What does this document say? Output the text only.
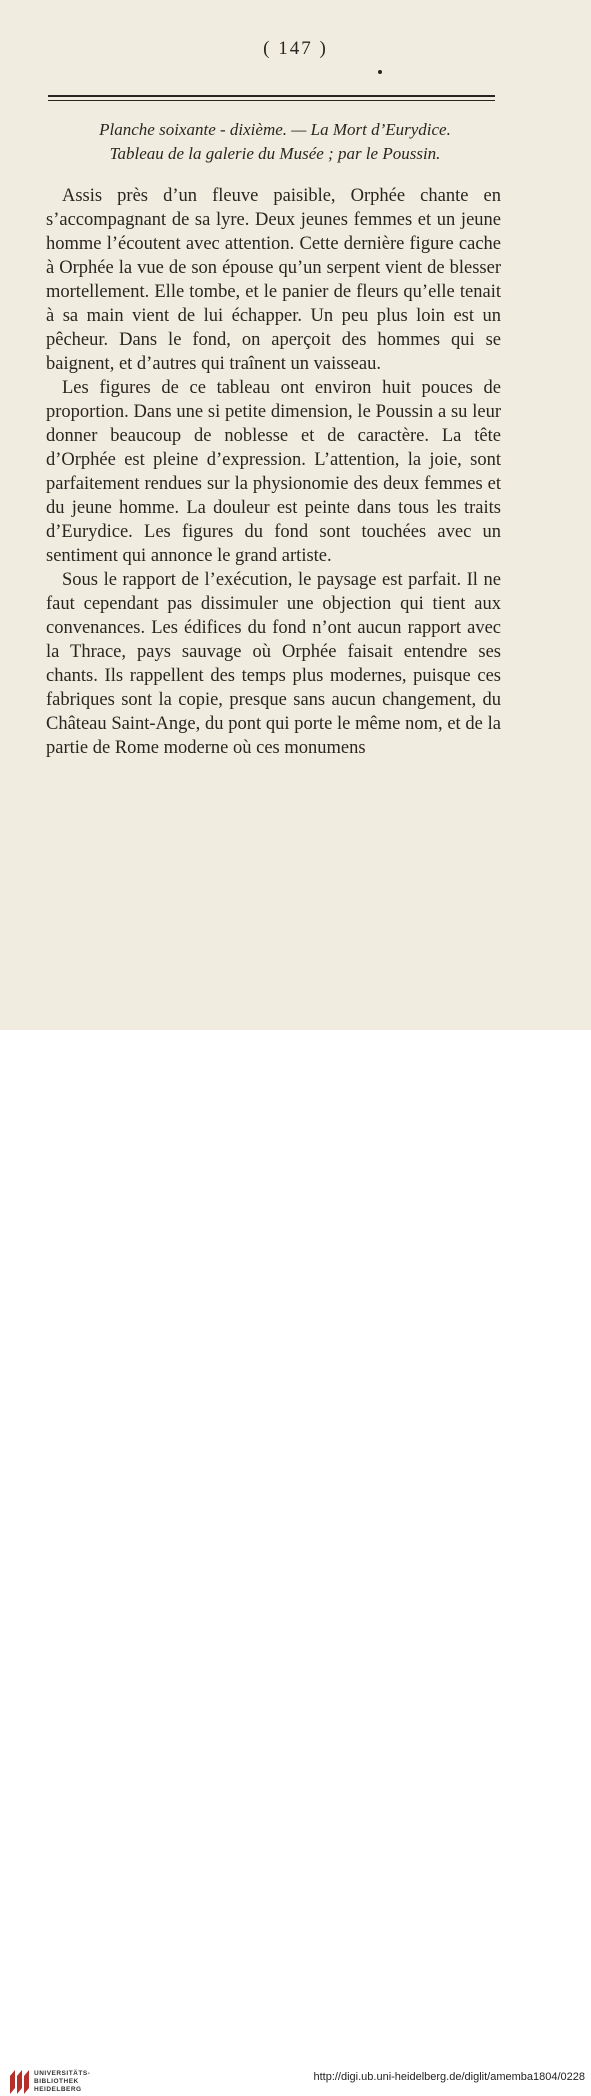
( 147 )
Planche soixante - dixième. — La Mort d’Eurydice.
Tableau de la galerie du Musée ; par le Poussin.

Assis près d’un fleuve paisible, Orphée chante en s’accompagnant de sa lyre. Deux jeunes femmes et un jeune homme l’écoutent avec attention. Cette dernière figure cache à Orphée la vue de son épouse qu’un serpent vient de blesser mortellement. Elle tombe, et le panier de fleurs qu’elle tenait à sa main vient de lui échapper. Un peu plus loin est un pêcheur. Dans le fond, on aperçoit des hommes qui se baignent, et d’autres qui traînent un vaisseau.

Les figures de ce tableau ont environ huit pouces de proportion. Dans une si petite dimension, le Poussin a su leur donner beaucoup de noblesse et de caractère. La tête d’Orphée est pleine d’expression. L’attention, la joie, sont parfaitement rendues sur la physionomie des deux femmes et du jeune homme. La douleur est peinte dans tous les traits d’Eurydice. Les figures du fond sont touchées avec un sentiment qui annonce le grand artiste.

Sous le rapport de l’exécution, le paysage est parfait. Il ne faut cependant pas dissimuler une objection qui tient aux convenances. Les édifices du fond n’ont aucun rapport avec la Thrace, pays sauvage où Orphée faisait entendre ses chants. Ils rappellent des temps plus modernes, puisque ces fabriques sont la copie, presque sans aucun changement, du Château Saint-Ange, du pont qui porte le même nom, et de la partie de Rome moderne où ces monumens

UNIVERSITÄTS-
BIBLIOTHEK
HEIDELBERG
http://digi.ub.uni-heidelberg.de/diglit/amemba1804/0228
